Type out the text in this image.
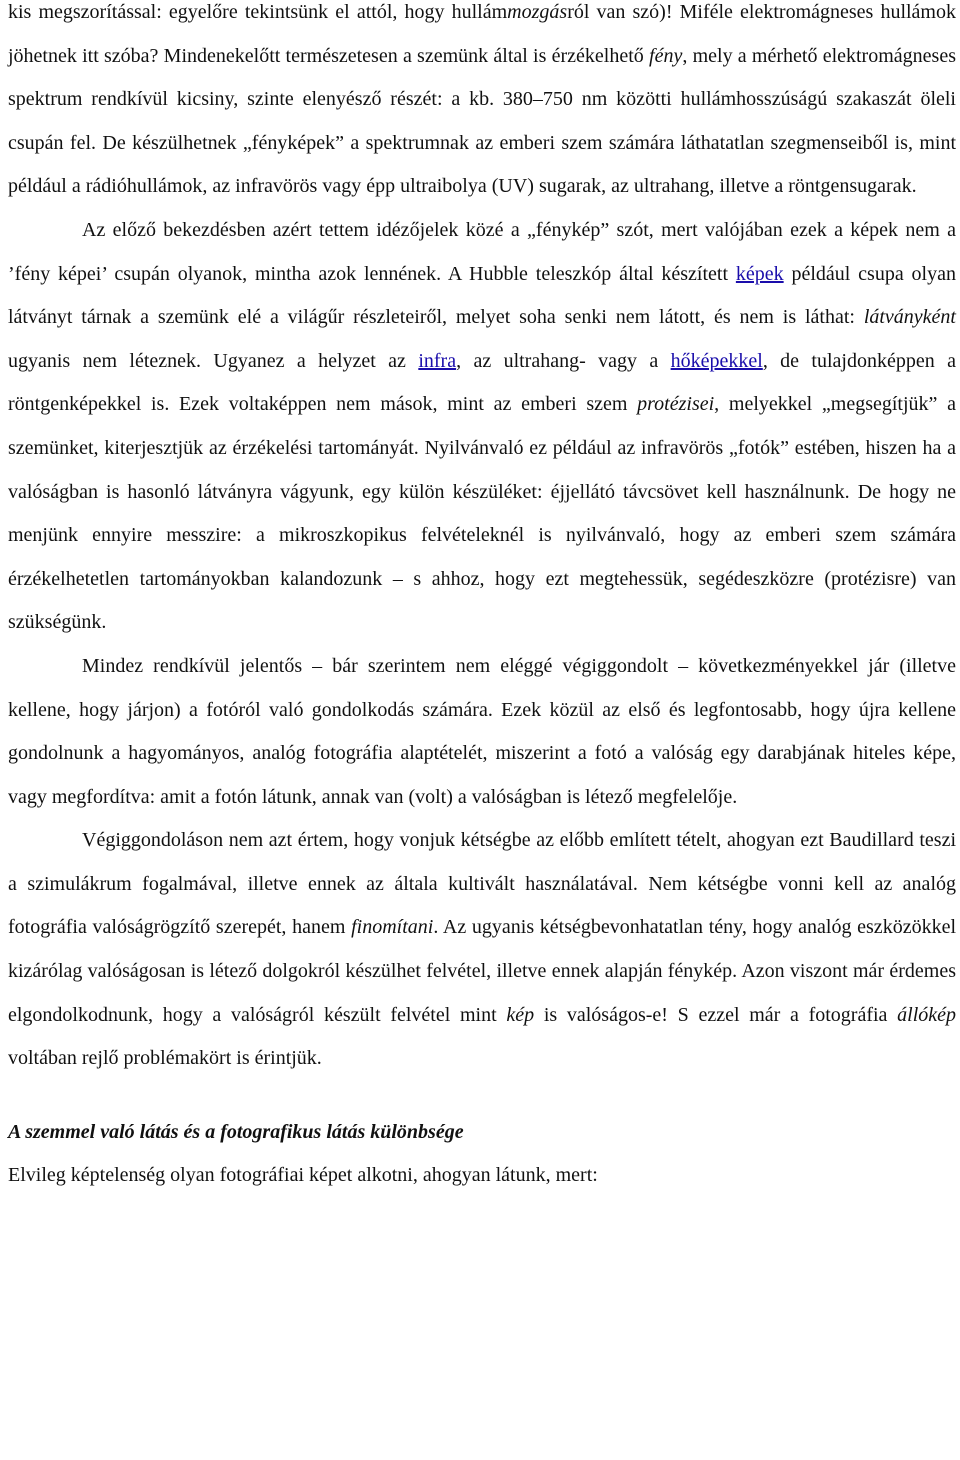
kis megszorítással: egyelőre tekintsünk el attól, hogy hullámmozgásról van szó)! Miféle elektromágneses hullámok jöhetnek itt szóba? Mindenekelőtt természetesen a szemünk által is érzékelhető fény, mely a mérhető elektromágneses spektrum rendkívül kicsiny, szinte elenyésző részét: a kb. 380–750 nm közötti hullámhosszúságú szakaszát öleli csupán fel. De készülhetnek „fényképek” a spektrumnak az emberi szem számára láthatatlan szegmenseiből is, mint például a rádióhullámok, az infravörös vagy épp ultraibolya (UV) sugarak, az ultrahang, illetve a röntgensugarak.

Az előző bekezdésben azért tettem idézőjelek közé a „fénykép” szót, mert valójában ezek a képek nem a ’fény képei’ csupán olyanok, mintha azok lennének. A Hubble teleszkóp által készített képek például csupa olyan látványt tárnak a szemünk elé a világűr részleteiről, melyet soha senki nem látott, és nem is láthat: látványként ugyanis nem léteznek. Ugyanez a helyzet az infra, az ultrahang- vagy a hőképekkel, de tulajdonképpen a röntgenképekkel is. Ezek voltaképpen nem mások, mint az emberi szem protézisei, melyekkel „megsegítjük” a szemünket, kiterjesztjük az érzékelési tartományát. Nyilvánvaló ez például az infravörös „fotók” estében, hiszen ha a valóságban is hasonló látványra vágyunk, egy külön készüléket: éjjellátó távcsövet kell használnunk. De hogy ne menjünk ennyire messzire: a mikroszkopikus felvételeknél is nyilvánvaló, hogy az emberi szem számára érzékelhetetlen tartományokban kalandozunk – s ahhoz, hogy ezt megtehessük, segédeszközre (protézisre) van szükségünk.

Mindez rendkívül jelentős – bár szerintem nem eléggé végiggondolt – következményekkel jár (illetve kellene, hogy járjon) a fotóról való gondolkodás számára. Ezek közül az első és legfontosabb, hogy újra kellene gondolnunk a hagyományos, analóg fotográfia alaptételét, miszerint a fotó a valóság egy darabjának hiteles képe, vagy megfordítva: amit a fotón látunk, annak van (volt) a valóságban is létező megfelelője.

Végiggondoláson nem azt értem, hogy vonjuk kétségbe az előbb említett tételt, ahogyan ezt Baudillard teszi a szimulákrum fogalmával, illetve ennek az általa kultivált használatával. Nem kétségbe vonni kell az analóg fotográfia valóságrögzítő szerepét, hanem finomítani. Az ugyanis kétségbevonhatatlan tény, hogy analóg eszközökkel kizárólag valóságosan is létező dolgokról készülhet felvétel, illetve ennek alapján fénykép. Azon viszont már érdemes elgondolkodnunk, hogy a valóságról készült felvétel mint kép is valóságos-e! S ezzel már a fotográfia állókép voltában rejlő problémakört is érintjük.

A szemmel való látás és a fotografikus látás különbsége

Elvileg képtelenség olyan fotográfiai képet alkotni, ahogyan látunk, mert:
